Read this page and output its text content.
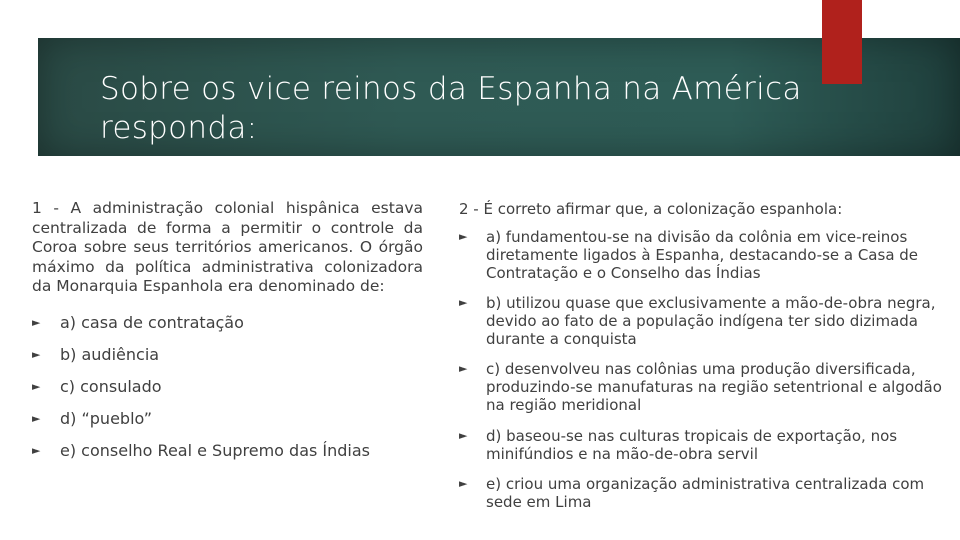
Sobre os vice reinos da Espanha na América
responda:

1 - A administração colonial hispânica estava centralizada de forma a permitir o controle da Coroa sobre seus territórios americanos. O órgão máximo da política administrativa colonizadora da Monarquia Espanhola era denominado de:

► a) casa de contratação
► b) audiência
► c) consulado
► d) “pueblo”
► e) conselho Real e Supremo das Índias

2 - É correto afirmar que, a colonização espanhola:

► a) fundamentou-se na divisão da colônia em vice-reinos diretamente ligados à Espanha, destacando-se a Casa de Contratação e o Conselho das Índias
► b) utilizou quase que exclusivamente a mão-de-obra negra, devido ao fato de a população indígena ter sido dizimada durante a conquista
► c) desenvolveu nas colônias uma produção diversificada, produzindo-se manufaturas na região setentrional e algodão na região meridional
► d) baseou-se nas culturas tropicais de exportação, nos minifúndios e na mão-de-obra servil
► e) criou uma organização administrativa centralizada com sede em Lima
